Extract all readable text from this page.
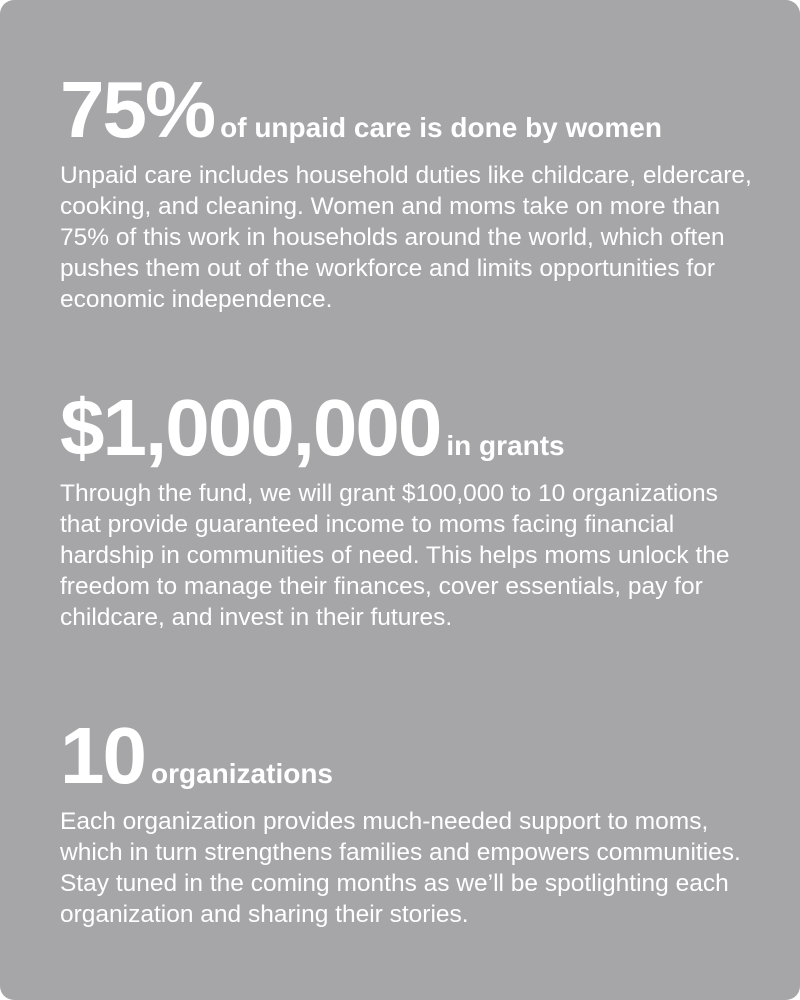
75% of unpaid care is done by women

Unpaid care includes household duties like childcare, eldercare, cooking, and cleaning. Women and moms take on more than 75% of this work in households around the world, which often pushes them out of the workforce and limits opportunities for economic independence.

$1,000,000 in grants

Through the fund, we will grant $100,000 to 10 organizations that provide guaranteed income to moms facing financial hardship in communities of need. This helps moms unlock the freedom to manage their finances, cover essentials, pay for childcare, and invest in their futures.

10 organizations

Each organization provides much-needed support to moms, which in turn strengthens families and empowers communities. Stay tuned in the coming months as we’ll be spotlighting each organization and sharing their stories.
